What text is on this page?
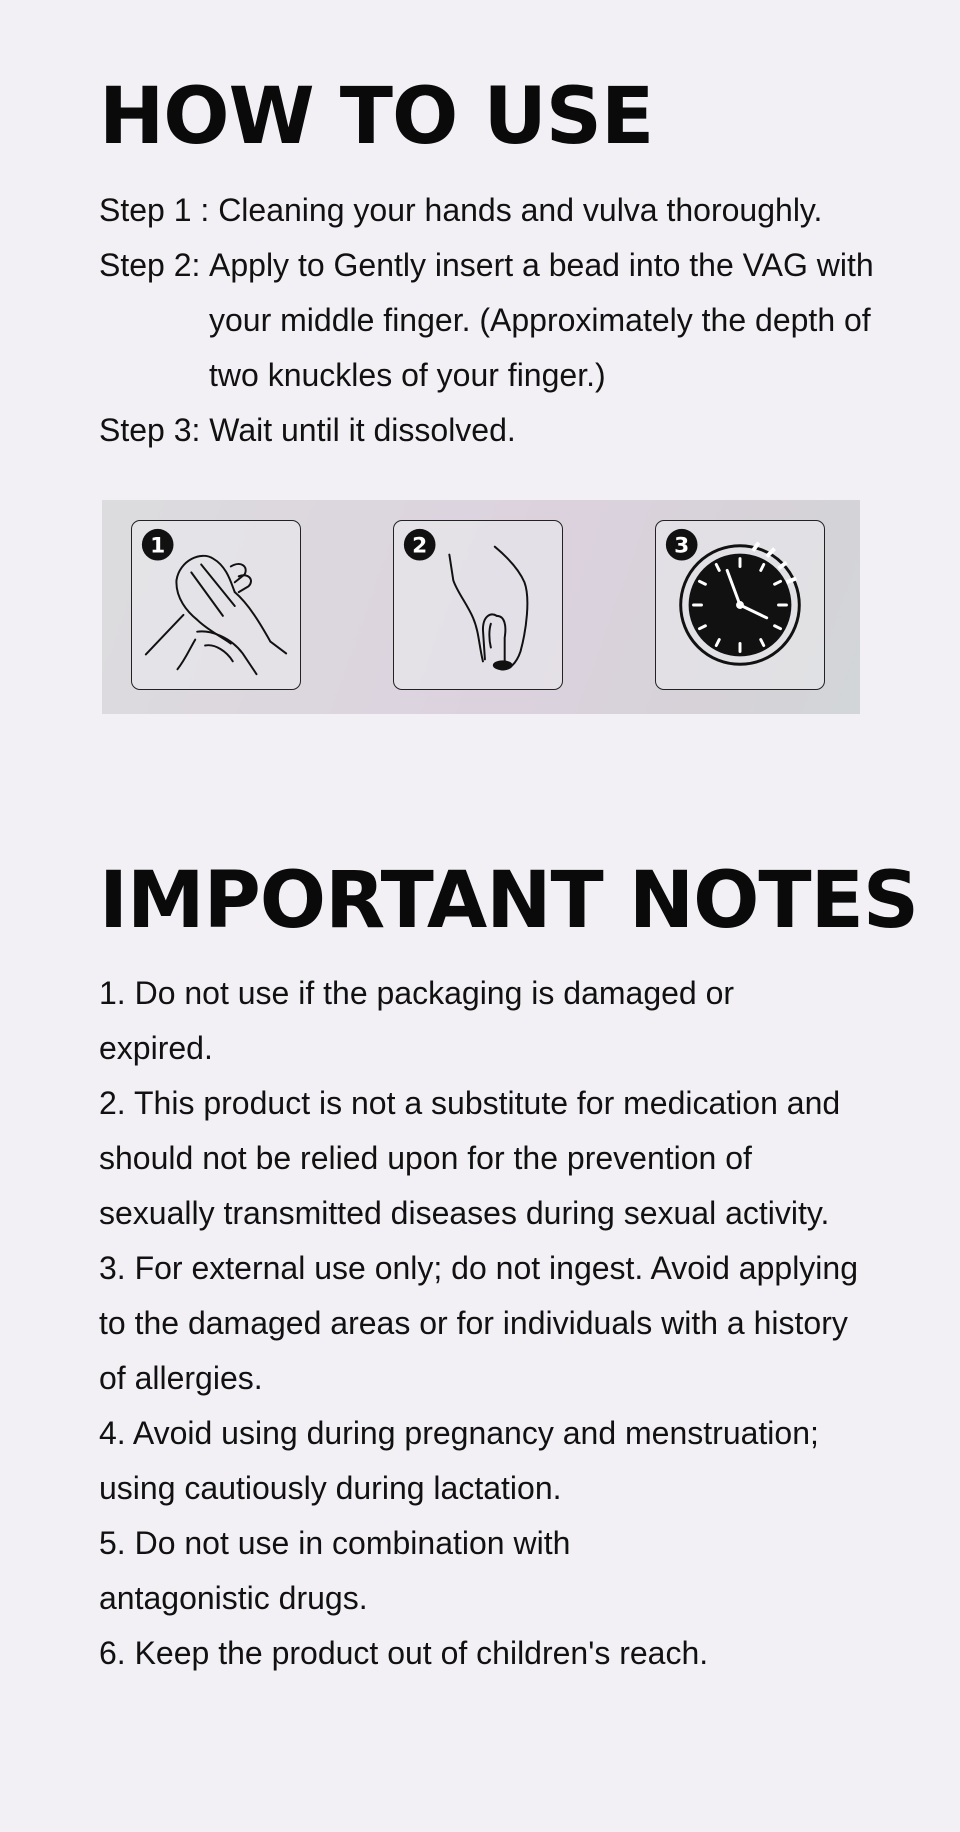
HOW TO USE

Step 1 : Cleaning your hands and vulva thoroughly.

Step 2: Apply to Gently insert a bead into the VAG with your middle finger. (Approximately the depth of two knuckles of your finger.)

Step 3: Wait until it dissolved.

1	2	3
IMPORTANT NOTES

1. Do not use if the packaging is damaged or expired.

2. This product is not a substitute for medication and should not be relied upon for the prevention of sexually transmitted diseases during sexual activity.

3. For external use only; do not ingest. Avoid applying to the damaged areas or for individuals with a history of allergies.

4. Avoid using during pregnancy and menstruation; using cautiously during lactation.

5. Do not use in combination with antagonistic drugs.

6. Keep the product out of children's reach.
